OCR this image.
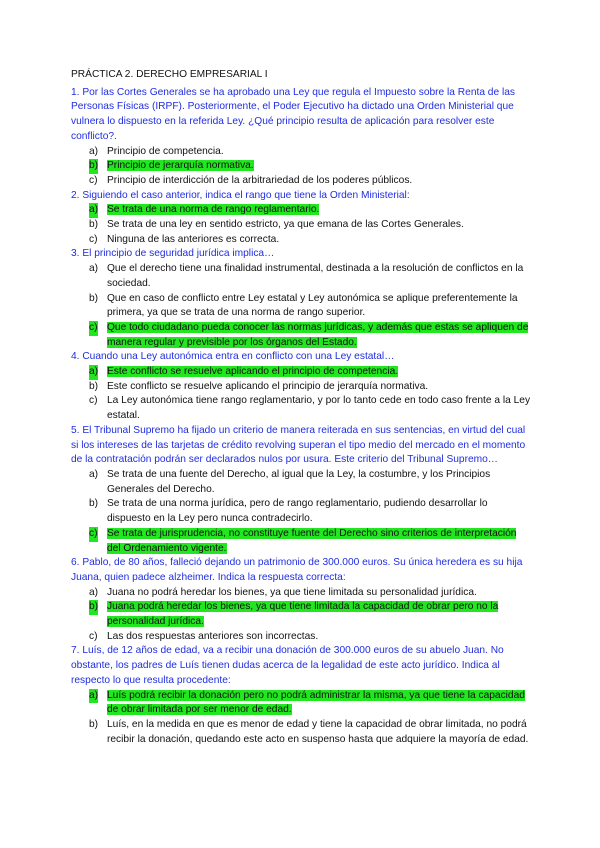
PRÁCTICA 2. DERECHO EMPRESARIAL I

1. Por las Cortes Generales se ha aprobado una Ley que regula el Impuesto sobre la Renta de las Personas Físicas (IRPF). Posteriormente, el Poder Ejecutivo ha dictado una Orden Ministerial que vulnera lo dispuesto en la referida Ley. ¿Qué principio resulta de aplicación para resolver este conflicto?.

a) Principio de competencia.
b) Principio de jerarquía normativa.
c) Principio de interdicción de la arbitrariedad de los poderes públicos.

2. Siguiendo el caso anterior, indica el rango que tiene la Orden Ministerial:

a) Se trata de una norma de rango reglamentario.
b) Se trata de una ley en sentido estricto, ya que emana de las Cortes Generales.
c) Ninguna de las anteriores es correcta.

3. El principio de seguridad jurídica implica…

a) Que el derecho tiene una finalidad instrumental, destinada a la resolución de conflictos en la sociedad.
b) Que en caso de conflicto entre Ley estatal y Ley autonómica se aplique preferentemente la primera, ya que se trata de una norma de rango superior.
c) Que todo ciudadano pueda conocer las normas jurídicas, y además que estas se apliquen de manera regular y previsible por los órganos del Estado.

4. Cuando una Ley autonómica entra en conflicto con una Ley estatal…

a) Este conflicto se resuelve aplicando el principio de competencia.
b) Este conflicto se resuelve aplicando el principio de jerarquía normativa.
c) La Ley autonómica tiene rango reglamentario, y por lo tanto cede en todo caso frente a la Ley estatal.

5. El Tribunal Supremo ha fijado un criterio de manera reiterada en sus sentencias, en virtud del cual si los intereses de las tarjetas de crédito revolving superan el tipo medio del mercado en el momento de la contratación podrán ser declarados nulos por usura. Este criterio del Tribunal Supremo…

a) Se trata de una fuente del Derecho, al igual que la Ley, la costumbre, y los Principios Generales del Derecho.
b) Se trata de una norma jurídica, pero de rango reglamentario, pudiendo desarrollar lo dispuesto en la Ley pero nunca contradecirlo.
c) Se trata de jurisprudencia, no constituye fuente del Derecho sino criterios de interpretación del Ordenamiento vigente.

6. Pablo, de 80 años, falleció dejando un patrimonio de 300.000 euros. Su única heredera es su hija Juana, quien padece alzheimer. Indica la respuesta correcta:

a) Juana no podrá heredar los bienes, ya que tiene limitada su personalidad jurídica.
b) Juana podrá heredar los bienes, ya que tiene limitada la capacidad de obrar pero no la personalidad jurídica.
c) Las dos respuestas anteriores son incorrectas.

7. Luís, de 12 años de edad, va a recibir una donación de 300.000 euros de su abuelo Juan. No obstante, los padres de Luís tienen dudas acerca de la legalidad de este acto jurídico. Indica al respecto lo que resulta procedente:

a) Luís podrá recibir la donación pero no podrá administrar la misma, ya que tiene la capacidad de obrar limitada por ser menor de edad.
b) Luís, en la medida en que es menor de edad y tiene la capacidad de obrar limitada, no podrá recibir la donación, quedando este acto en suspenso hasta que adquiere la mayoría de edad.
